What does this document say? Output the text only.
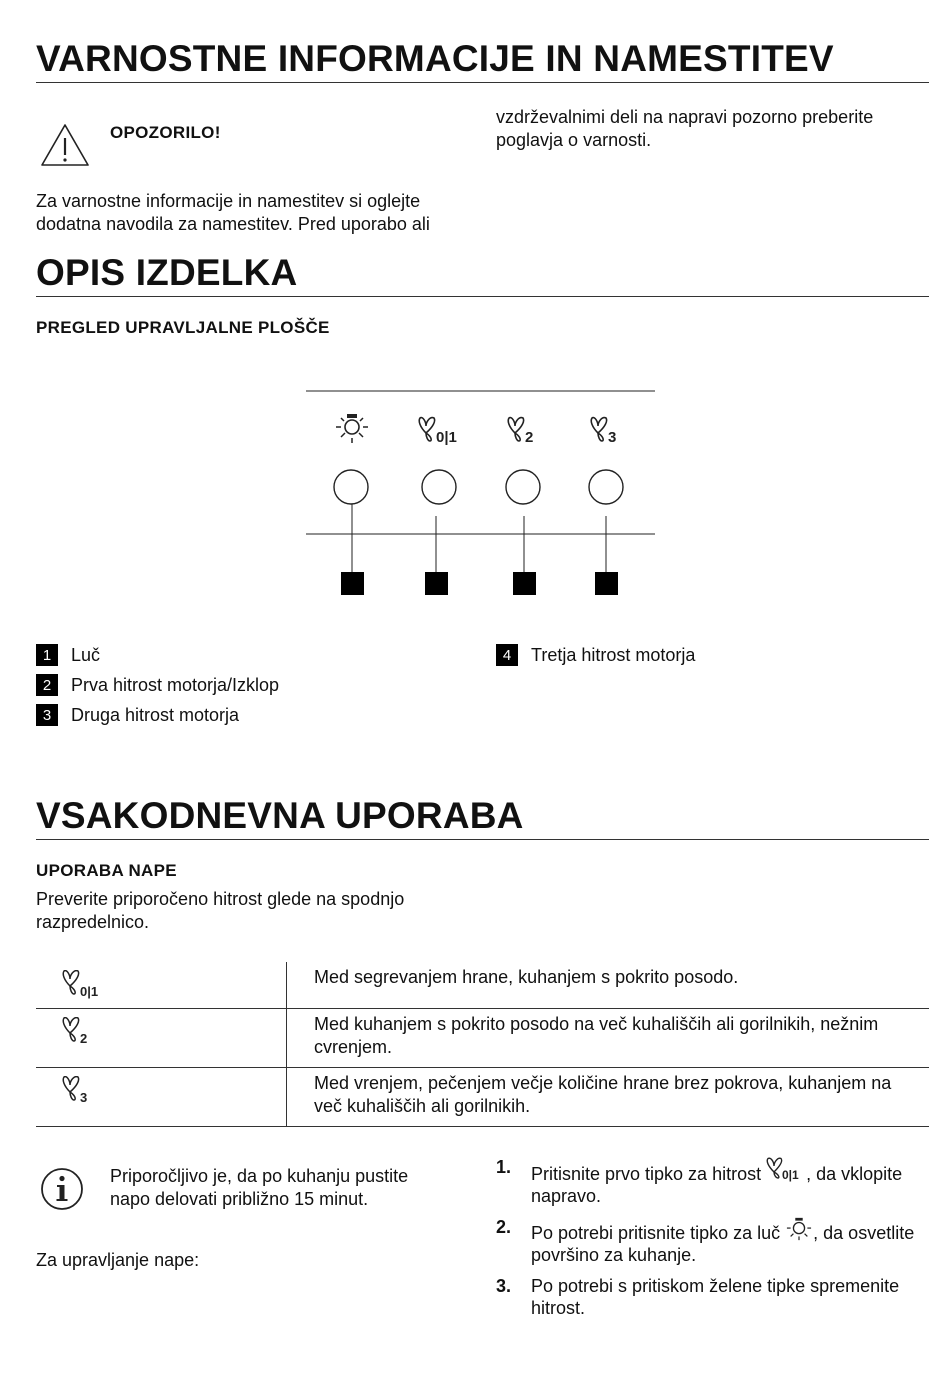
VARNOSTNE INFORMACIJE IN NAMESTITEV
OPOZORILO!
Za varnostne informacije in namestitev si oglejte dodatna navodila za namestitev. Pred uporabo ali
vzdrževalnimi deli na napravi pozorno preberite poglavja o varnosti.
OPIS IZDELKA
PREGLED UPRAVLJALNE PLOŠČE
0|1	2	3
1	Luč
2	Prva hitrost motorja/Izklop
3	Druga hitrost motorja
4	Tretja hitrost motorja
VSAKODNEVNA UPORABA
UPORABA NAPE
Preverite priporočeno hitrost glede na spodnjo razpredelnico.
0|1	Med segrevanjem hrane, kuhanjem s pokrito posodo.

2	Med kuhanjem s pokrito posodo na več kuhališčih ali gorilnikih, nežnim cvrenjem.

3	Med vrenjem, pečenjem večje količine hrane brez pokrova, kuhanjem na več kuhališčih ali gorilnikih.
Priporočljivo je, da po kuhanju pustite napo delovati približno 15 minut.
Za upravljanje nape:
1.	Pritisnite prvo tipko za hitrost 0|1 , da vklopite napravo.
2.	Po potrebi pritisnite tipko za luč , da osvetlite površino za kuhanje.
3.	Po potrebi s pritiskom želene tipke spremenite hitrost.
